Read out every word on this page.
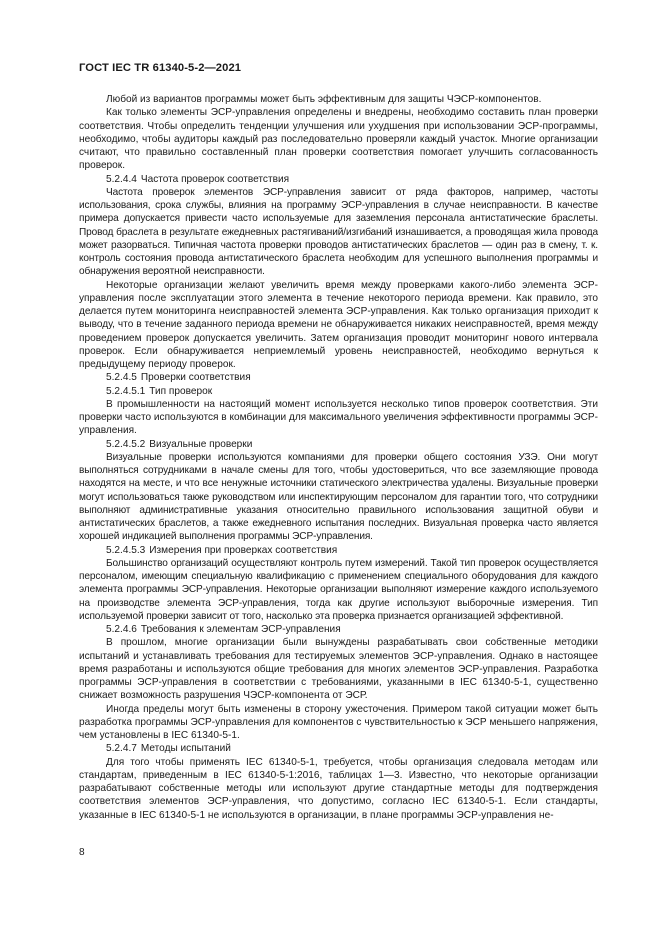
ГОСТ IEC TR 61340-5-2—2021

Любой из вариантов программы может быть эффективным для защиты ЧЭСР-компонентов.

Как только элементы ЭСР-управления определены и внедрены, необходимо составить план проверки соответствия. Чтобы определить тенденции улучшения или ухудшения при использовании ЭСР-программы, необходимо, чтобы аудиторы каждый раз последовательно проверяли каждый участок. Многие организации считают, что правильно составленный план проверки соответствия помогает улучшить согласованность проверок.

5.2.4.4 Частота проверок соответствия

Частота проверок элементов ЭСР-управления зависит от ряда факторов, например, частоты использования, срока службы, влияния на программу ЭСР-управления в случае неисправности. В качестве примера допускается привести часто используемые для заземления персонала антистатические браслеты. Провод браслета в результате ежедневных растягиваний/изгибаний изнашивается, а проводящая жила провода может разорваться. Типичная частота проверки проводов антистатических браслетов — один раз в смену, т. к. контроль состояния провода антистатического браслета необходим для успешного выполнения программы и обнаружения вероятной неисправности.

Некоторые организации желают увеличить время между проверками какого-либо элемента ЭСР-управления после эксплуатации этого элемента в течение некоторого периода времени. Как правило, это делается путем мониторинга неисправностей элемента ЭСР-управления. Как только организация приходит к выводу, что в течение заданного периода времени не обнаруживается никаких неисправностей, время между проведением проверок допускается увеличить. Затем организация проводит мониторинг нового интервала проверок. Если обнаруживается неприемлемый уровень неисправностей, необходимо вернуться к предыдущему периоду проверок.

5.2.4.5 Проверки соответствия

5.2.4.5.1 Тип проверок

В промышленности на настоящий момент используется несколько типов проверок соответствия. Эти проверки часто используются в комбинации для максимального увеличения эффективности программы ЭСР-управления.

5.2.4.5.2 Визуальные проверки

Визуальные проверки используются компаниями для проверки общего состояния УЗЭ. Они могут выполняться сотрудниками в начале смены для того, чтобы удостовериться, что все заземляющие провода находятся на месте, и что все ненужные источники статического электричества удалены. Визуальные проверки могут использоваться также руководством или инспектирующим персоналом для гарантии того, что сотрудники выполняют административные указания относительно правильного использования защитной обуви и антистатических браслетов, а также ежедневного испытания последних. Визуальная проверка часто является хорошей индикацией выполнения программы ЭСР-управления.

5.2.4.5.3 Измерения при проверках соответствия

Большинство организаций осуществляют контроль путем измерений. Такой тип проверок осуществляется персоналом, имеющим специальную квалификацию с применением специального оборудования для каждого элемента программы ЭСР-управления. Некоторые организации выполняют измерение каждого используемого на производстве элемента ЭСР-управления, тогда как другие используют выборочные измерения. Тип используемой проверки зависит от того, насколько эта проверка признается организацией эффективной.

5.2.4.6 Требования к элементам ЭСР-управления

В прошлом, многие организации были вынуждены разрабатывать свои собственные методики испытаний и устанавливать требования для тестируемых элементов ЭСР-управления. Однако в настоящее время разработаны и используются общие требования для многих элементов ЭСР-управления. Разработка программы ЭСР-управления в соответствии с требованиями, указанными в IEC 61340-5-1, существенно снижает возможность разрушения ЧЭСР-компонента от ЭСР.

Иногда пределы могут быть изменены в сторону ужесточения. Примером такой ситуации может быть разработка программы ЭСР-управления для компонентов с чувствительностью к ЭСР меньшего напряжения, чем установлены в IEC 61340-5-1.

5.2.4.7 Методы испытаний

Для того чтобы применять IEC 61340-5-1, требуется, чтобы организация следовала методам или стандартам, приведенным в IEC 61340-5-1:2016, таблицах 1—3. Известно, что некоторые организации разрабатывают собственные методы или используют другие стандартные методы для подтверждения соответствия элементов ЭСР-управления, что допустимо, согласно IEC 61340-5-1. Если стандарты, указанные в IEC 61340-5-1 не используются в организации, в плане программы ЭСР-управления не-

8
